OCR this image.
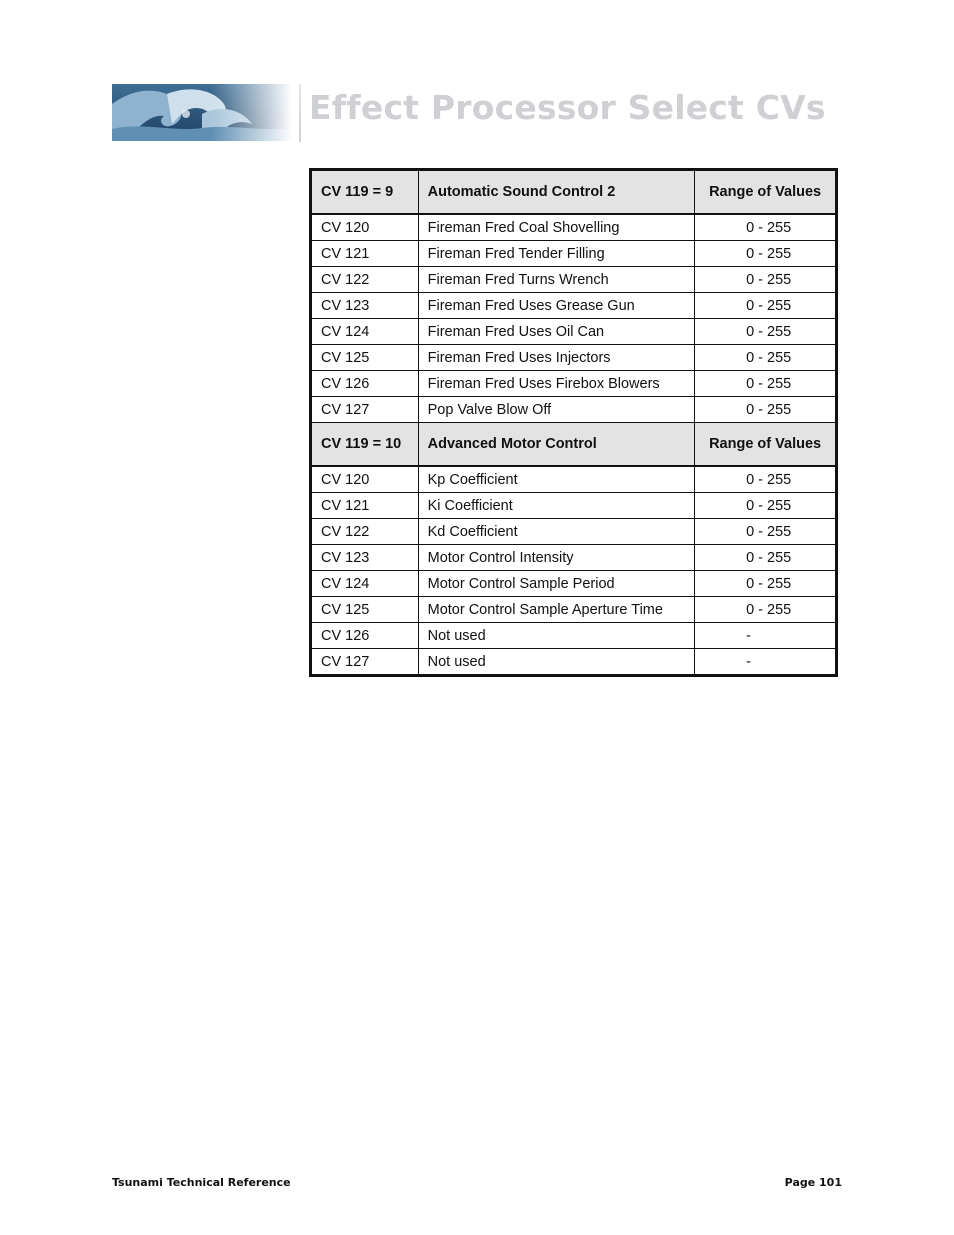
Effect Processor Select CVs
CV 119 = 9	Automatic Sound Control 2	Range of Values
CV 120	Fireman Fred Coal Shovelling	0 - 255
CV 121	Fireman Fred Tender Filling	0 - 255
CV 122	Fireman Fred Turns Wrench	0 - 255
CV 123	Fireman Fred Uses Grease Gun	0 - 255
CV 124	Fireman Fred Uses Oil Can	0 - 255
CV 125	Fireman Fred Uses Injectors	0 - 255
CV 126	Fireman Fred Uses Firebox Blowers	0 - 255
CV 127	Pop Valve Blow Off	0 - 255
CV 119 = 10	Advanced Motor Control	Range of Values
CV 120	Kp Coefficient	0 - 255
CV 121	Ki Coefficient	0 - 255
CV 122	Kd Coefficient	0 - 255
CV 123	Motor Control Intensity	0 - 255
CV 124	Motor Control Sample Period	0 - 255
CV 125	Motor Control Sample Aperture Time	0 - 255
CV 126	Not used	-
CV 127	Not used	-
Tsunami Technical Reference	Page 101
